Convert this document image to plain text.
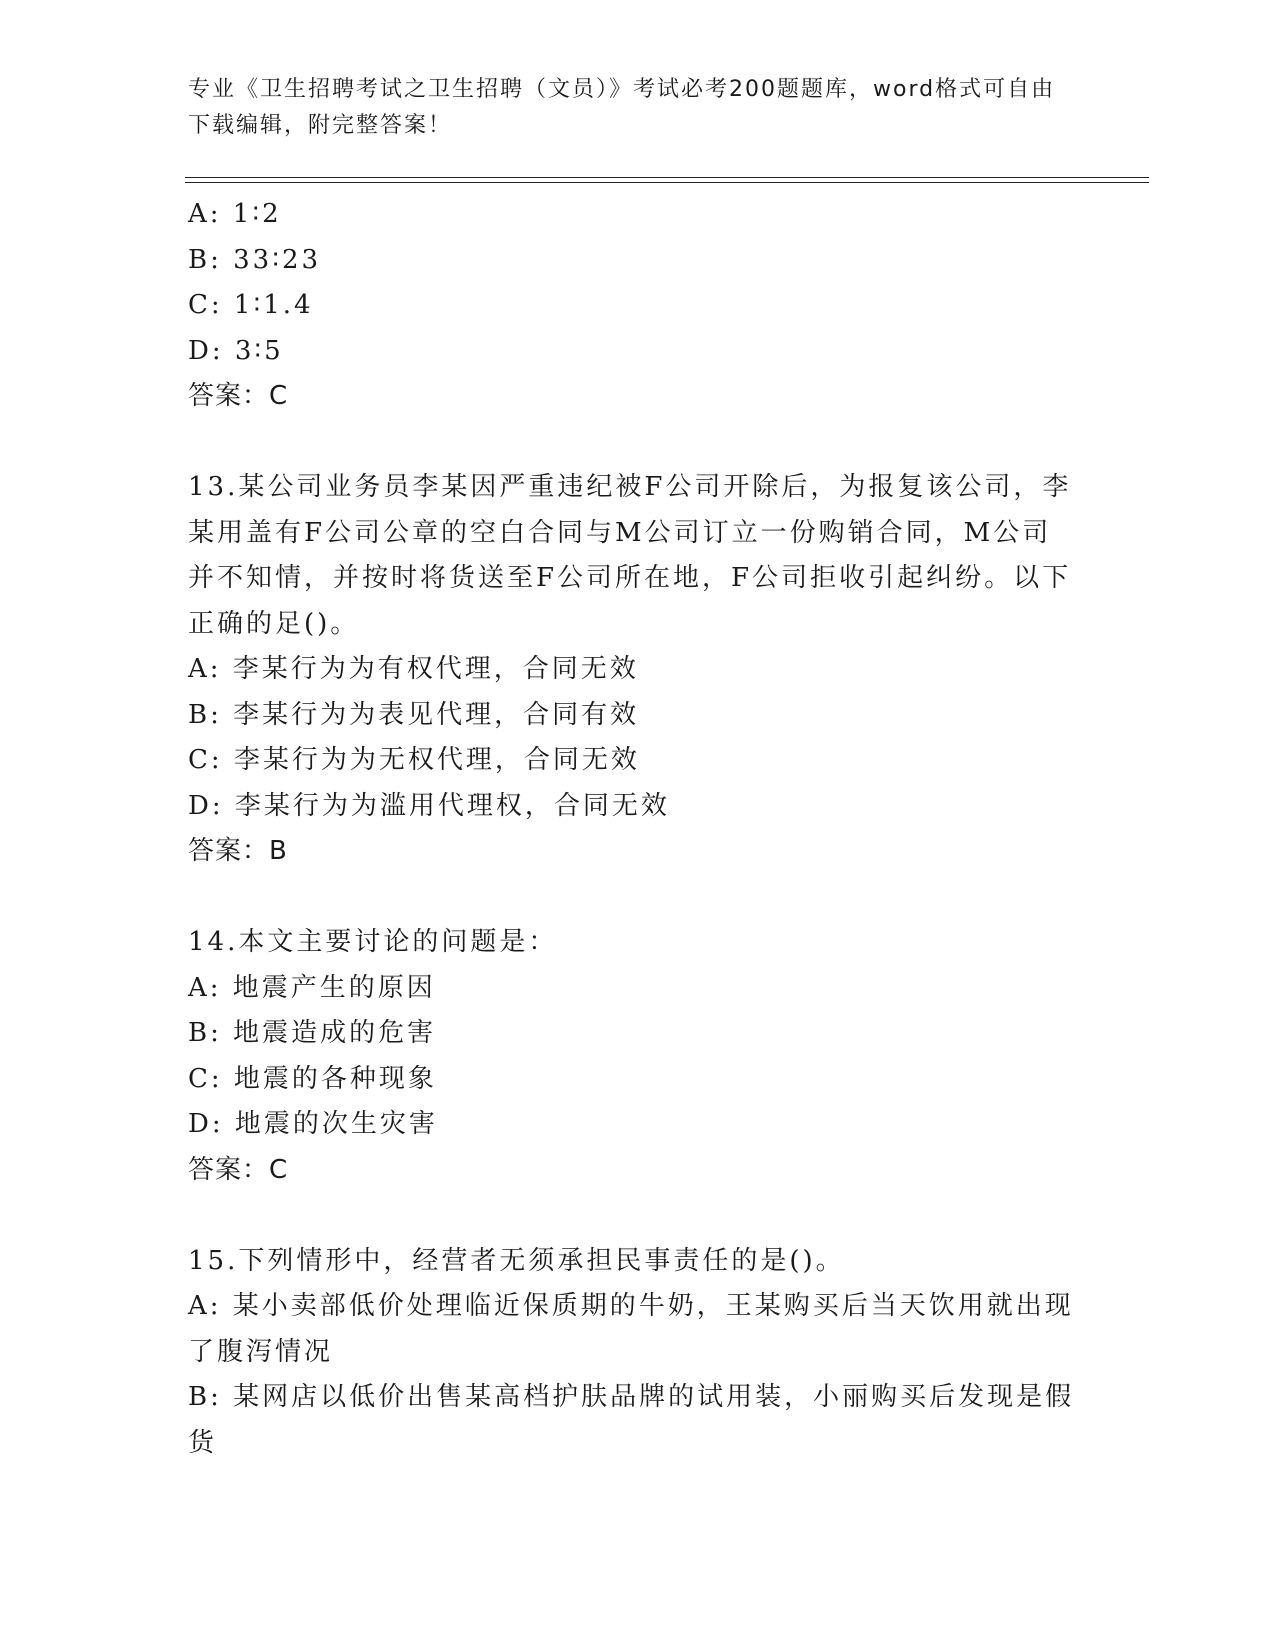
专业《卫生招聘考试之卫生招聘（文员）》考试必考200题题库，word格式可自由下载编辑，附完整答案！
A: 1∶2
B: 33∶23
C: 1∶1.4
D: 3∶5
答案：C
13.某公司业务员李某因严重违纪被F公司开除后，为报复该公司，李某用盖有F公司公章的空白合同与M公司订立一份购销合同，M公司并不知情，并按时将货送至F公司所在地，F公司拒收引起纠纷。以下正确的足()。
A: 李某行为为有权代理，合同无效
B: 李某行为为表见代理，合同有效
C: 李某行为为无权代理，合同无效
D: 李某行为为滥用代理权，合同无效
答案：B
14.本文主要讨论的问题是：
A: 地震产生的原因
B: 地震造成的危害
C: 地震的各种现象
D: 地震的次生灾害
答案：C
15.下列情形中，经营者无须承担民事责任的是()。
A: 某小卖部低价处理临近保质期的牛奶，王某购买后当天饮用就出现了腹泻情况
B: 某网店以低价出售某高档护肤品牌的试用装，小丽购买后发现是假货
